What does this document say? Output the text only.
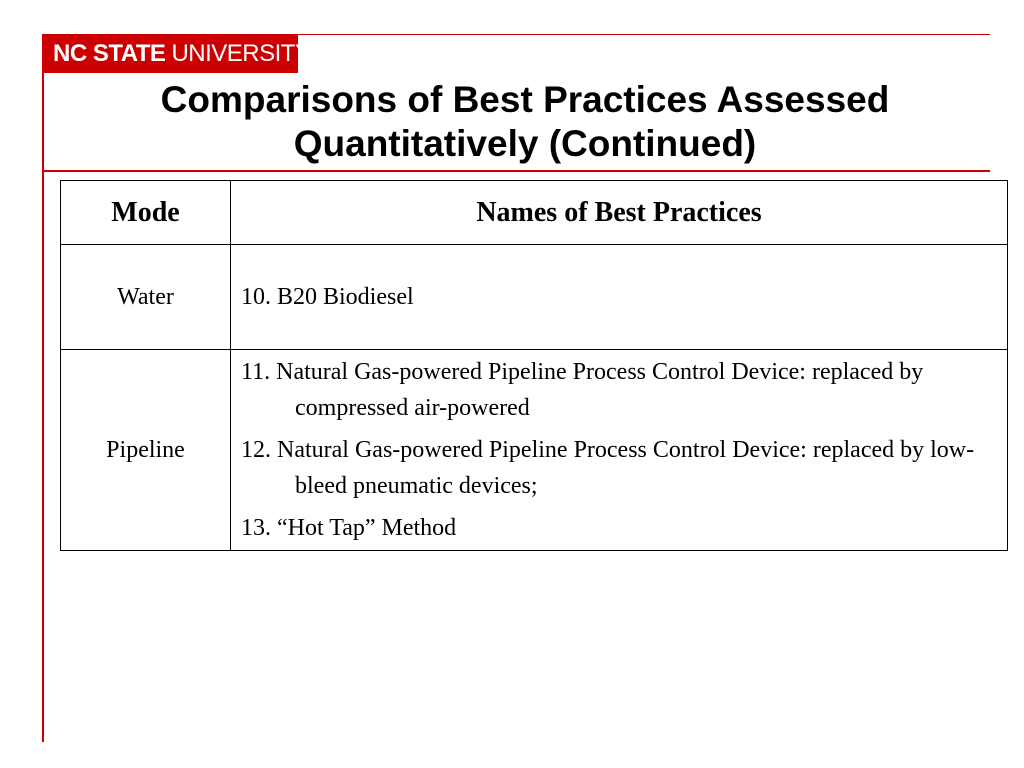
NC STATE UNIVERSITY
Comparisons of Best Practices Assessed
Quantitatively (Continued)
Mode	Names of Best Practices
Water	10. B20 Biodiesel

Pipeline	11. Natural Gas-powered Pipeline Process Control Device: replaced by compressed air-powered

12. Natural Gas-powered Pipeline Process Control Device: replaced by low-bleed pneumatic devices;

13. “Hot Tap” Method
